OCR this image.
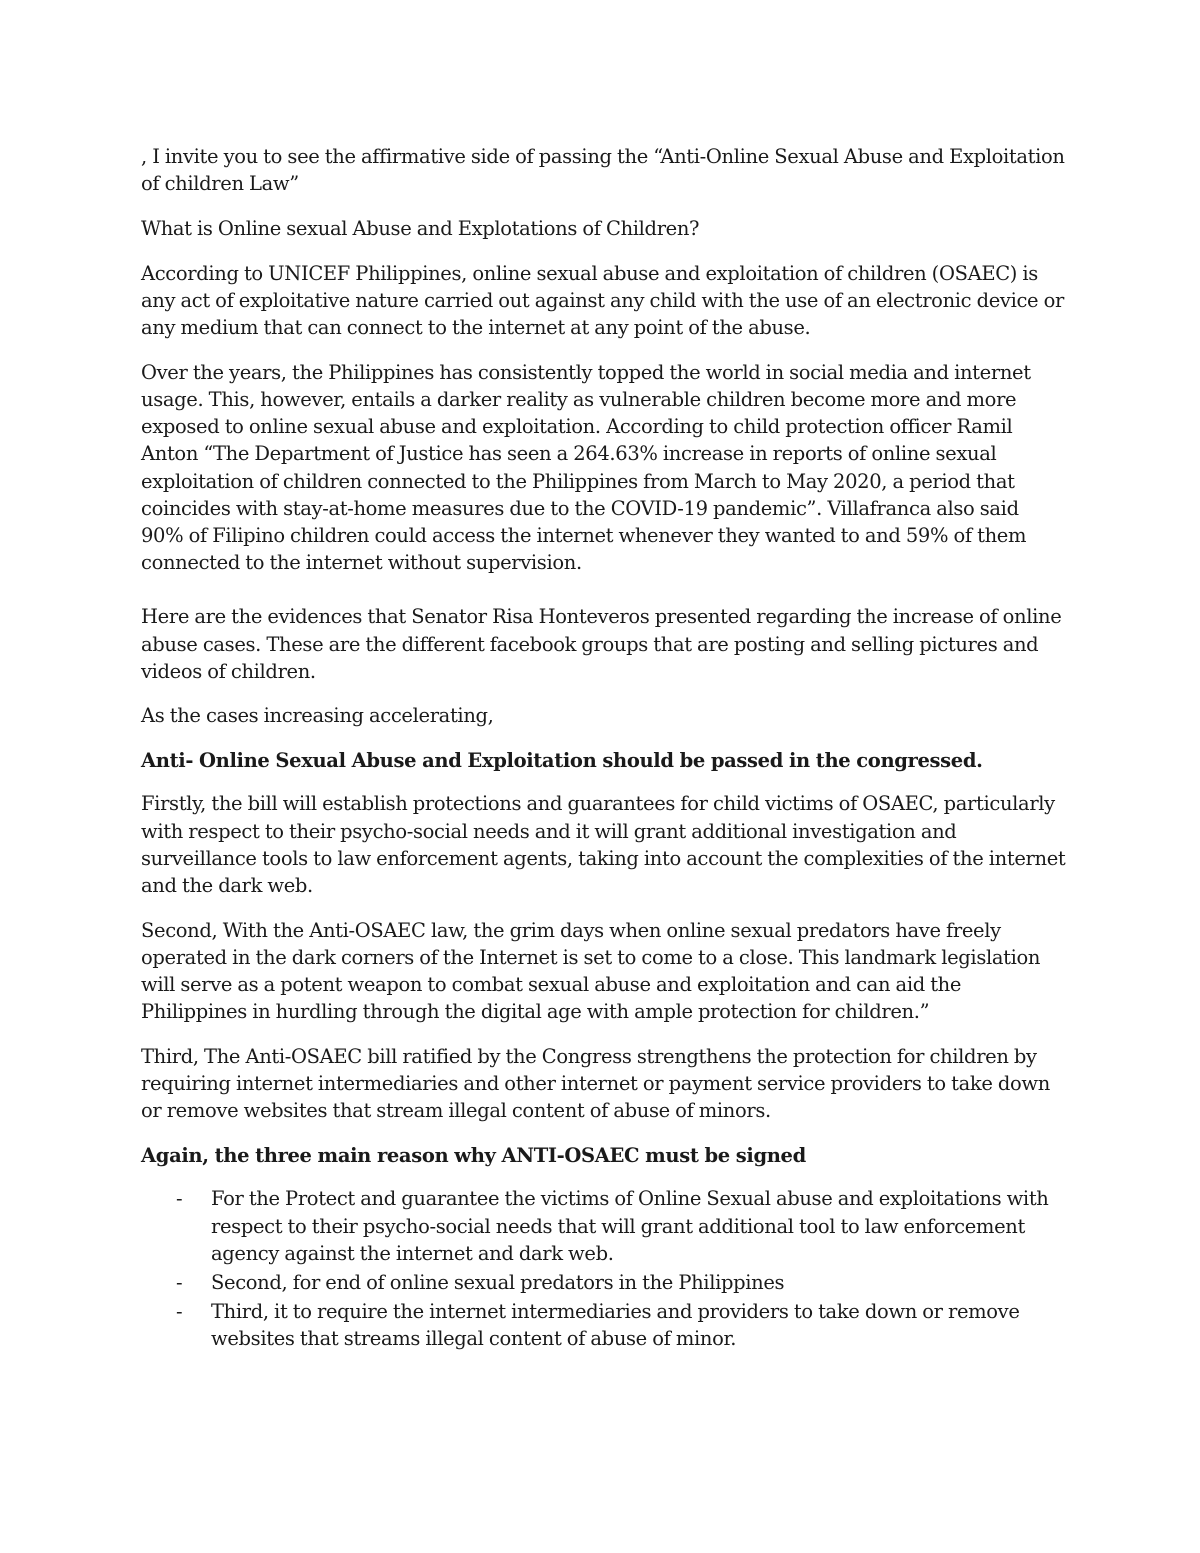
, I invite you to see the affirmative side of passing the “Anti-Online Sexual Abuse and Exploitation of children Law”

What is Online sexual Abuse and Explotations of Children?

According to UNICEF Philippines, online sexual abuse and exploitation of children (OSAEC) is any act of exploitative nature carried out against any child with the use of an electronic device or any medium that can connect to the internet at any point of the abuse.

Over the years, the Philippines has consistently topped the world in social media and internet usage. This, however, entails a darker reality as vulnerable children become more and more exposed to online sexual abuse and exploitation. According to child protection officer Ramil Anton “The Department of Justice has seen a 264.63% increase in reports of online sexual exploitation of children connected to the Philippines from March to May 2020, a period that coincides with stay-at-home measures due to the COVID-19 pandemic”. Villafranca also said 90% of Filipino children could access the internet whenever they wanted to and 59% of them connected to the internet without supervision.

Here are the evidences that Senator Risa Honteveros presented regarding the increase of online abuse cases. These are the different facebook groups that are posting and selling pictures and videos of children.

As the cases increasing accelerating,

Anti- Online Sexual Abuse and Exploitation should be passed in the congressed.

Firstly, the bill will establish protections and guarantees for child victims of OSAEC, particularly with respect to their psycho-social needs and it will grant additional investigation and surveillance tools to law enforcement agents, taking into account the complexities of the internet and the dark web.

Second, With the Anti-OSAEC law, the grim days when online sexual predators have freely operated in the dark corners of the Internet is set to come to a close. This landmark legislation will serve as a potent weapon to combat sexual abuse and exploitation and can aid the Philippines in hurdling through the digital age with ample protection for children.”

Third, The Anti-OSAEC bill ratified by the Congress strengthens the protection for children by requiring internet intermediaries and other internet or payment service providers to take down or remove websites that stream illegal content of abuse of minors.

Again, the three main reason why ANTI-OSAEC must be signed

- For the Protect and guarantee the victims of Online Sexual abuse and exploitations with respect to their psycho-social needs that will grant additional tool to law enforcement agency against the internet and dark web.
- Second, for end of online sexual predators in the Philippines
- Third, it to require the internet intermediaries and providers to take down or remove websites that streams illegal content of abuse of minor.
